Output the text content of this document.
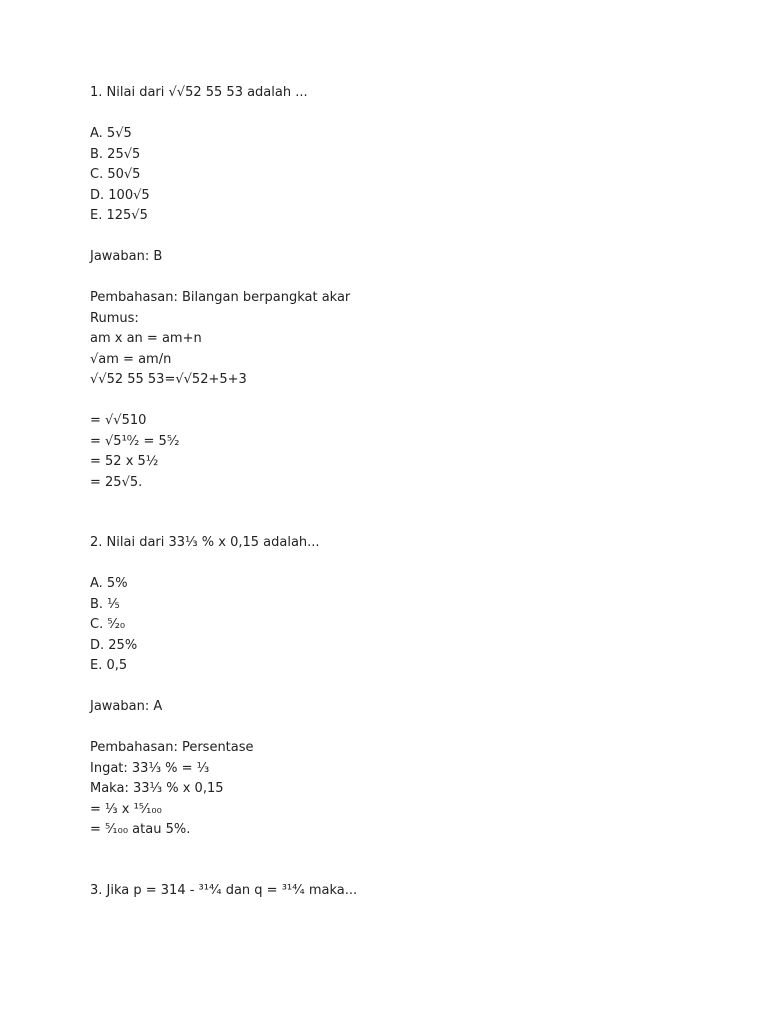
1. Nilai dari √√52 55 53 adalah ...
A. 5√5
B. 25√5
C. 50√5
D. 100√5
E. 125√5
Jawaban: B
Pembahasan: Bilangan berpangkat akar
Rumus:
am x an = am+n
√am = am/n
√√52 55 53=√√52+5+3
= √√510
= √5¹⁰⁄₂ = 5⁵⁄₂
= 52 x 5½
= 25√5.
2. Nilai dari 33⅓ % x 0,15 adalah...
A. 5%
B. ⅕
C. ⁵⁄₂₀
D. 25%
E. 0,5
Jawaban: A
Pembahasan: Persentase
Ingat: 33⅓ % = ⅓
Maka: 33⅓ % x 0,15
= ⅓ x ¹⁵⁄₁₀₀
= ⁵⁄₁₀₀ atau 5%.
3. Jika p = 314 - ³¹⁴⁄₄ dan q = ³¹⁴⁄₄ maka...
